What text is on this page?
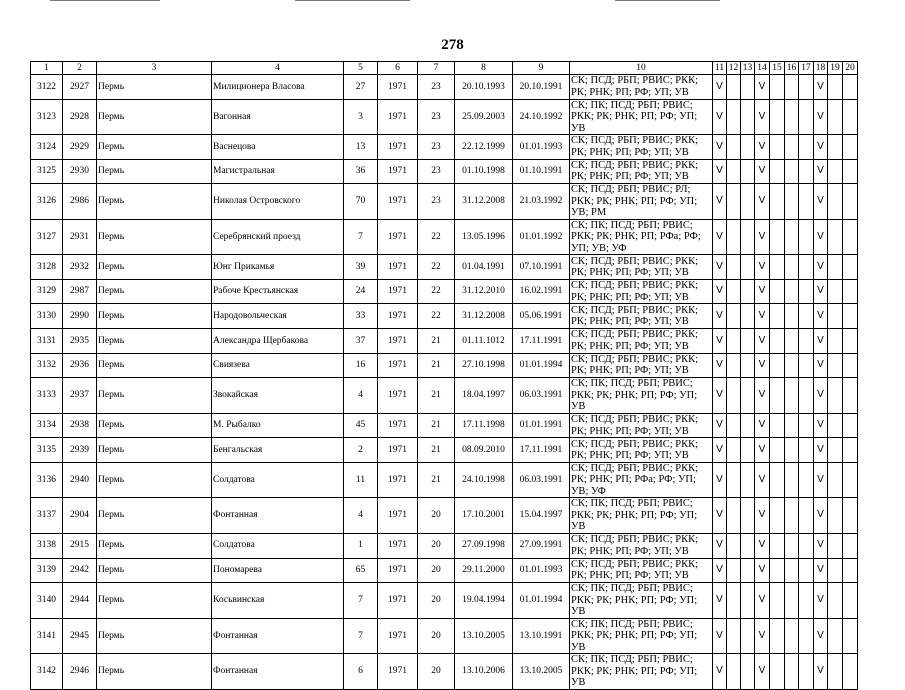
278
1	2	3	4	5	6	7	8	9	10	11	12	13	14	15	16	17	18	19	20
3122	2927	Пермь	Милиционера Власова	27	1971	23	20.10.1993	20.10.1991	СК; ПСД; РБП; РВИС; РКК; РК; РНК; РП; РФ; УП; УВ	V			V				V		
3123	2928	Пермь	Вагонная	3	1971	23	25.09.2003	24.10.1992	СК; ПК; ПСД; РБП; РВИС; РКК; РК; РНК; РП; РФ; УП; УВ	V			V				V		
3124	2929	Пермь	Васнецова	13	1971	23	22.12.1999	01.01.1993	СК; ПСД; РБП; РВИС; РКК; РК; РНК; РП; РФ; УП; УВ	V			V				V		
3125	2930	Пермь	Магистральная	36	1971	23	01.10.1998	01.10.1991	СК; ПСД; РБП; РВИС; РКК; РК; РНК; РП; РФ; УП; УВ	V			V				V		
3126	2986	Пермь	Николая Островского	70	1971	23	31.12.2008	21.03.1992	СК; ПСД; РБП; РВИС; РЛ; РКК; РК; РНК; РП; РФ; УП; УВ; РМ	V			V				V		
3127	2931	Пермь	Серебрянский проезд	7	1971	22	13.05.1996	01.01.1992	СК; ПК; ПСД; РБП; РВИС; РКК; РК; РНК; РП; РФа; РФ; УП; УВ; УФ	V			V				V		
3128	2932	Пермь	Юнг Прикамья	39	1971	22	01.04.1991	07.10.1991	СК; ПСД; РБП; РВИС; РКК; РК; РНК; РП; РФ; УП; УВ	V			V				V		
3129	2987	Пермь	Рабоче Крестьянская	24	1971	22	31.12.2010	16.02.1991	СК; ПСД; РБП; РВИС; РКК; РК; РНК; РП; РФ; УП; УВ	V			V				V		
3130	2990	Пермь	Народовольческая	33	1971	22	31.12.2008	05.06.1991	СК; ПСД; РБП; РВИС; РКК; РК; РНК; РП; РФ; УП; УВ	V			V				V		
3131	2935	Пермь	Александра Щербакова	37	1971	21	01.11.1012	17.11.1991	СК; ПСД; РБП; РВИС; РКК; РК; РНК; РП; РФ; УП; УВ	V			V				V		
3132	2936	Пермь	Свиязева	16	1971	21	27.10.1998	01.01.1994	СК; ПСД; РБП; РВИС; РКК; РК; РНК; РП; РФ; УП; УВ	V			V				V		
3133	2937	Пермь	Звокайская	4	1971	21	18.04.1997	06.03.1991	СК; ПК; ПСД; РБП; РВИС; РКК; РК; РНК; РП; РФ; УП; УВ	V			V				V		
3134	2938	Пермь	М. Рыбалко	45	1971	21	17.11.1998	01.01.1991	СК; ПСД; РБП; РВИС; РКК; РК; РНК; РП; РФ; УП; УВ	V			V				V		
3135	2939	Пермь	Бенгальская	2	1971	21	08.09.2010	17.11.1991	СК; ПСД; РБП; РВИС; РКК; РК; РНК; РП; РФ; УП; УВ	V			V				V		
3136	2940	Пермь	Солдатова	11	1971	21	24.10.1998	06.03.1991	СК; ПСД; РБП; РВИС; РКК; РК; РНК; РП; РФа; РФ; УП; УВ; УФ	V			V				V		
3137	2904	Пермь	Фонтанная	4	1971	20	17.10.2001	15.04.1997	СК; ПК; ПСД; РБП; РВИС; РКК; РК; РНК; РП; РФ; УП; УВ	V			V				V		
3138	2915	Пермь	Солдатова	1	1971	20	27.09.1998	27.09.1991	СК; ПСД; РБП; РВИС; РКК; РК; РНК; РП; РФ; УП; УВ	V			V				V		
3139	2942	Пермь	Пономарева	65	1971	20	29.11.2000	01.01.1993	СК; ПСД; РБП; РВИС; РКК; РК; РНК; РП; РФ; УП; УВ	V			V				V		
3140	2944	Пермь	Косьвинская	7	1971	20	19.04.1994	01.01.1994	СК; ПК; ПСД; РБП; РВИС; РКК; РК; РНК; РП; РФ; УП; УВ	V			V				V		
3141	2945	Пермь	Фонтанная	7	1971	20	13.10.2005	13.10.1991	СК; ПК; ПСД; РБП; РВИС; РКК; РК; РНК; РП; РФ; УП; УВ	V			V				V		
3142	2946	Пермь	Фонтанная	6	1971	20	13.10.2006	13.10.2005	СК; ПК; ПСД; РБП; РВИС; РКК; РК; РНК; РП; РФ; УП; УВ	V			V				V		
